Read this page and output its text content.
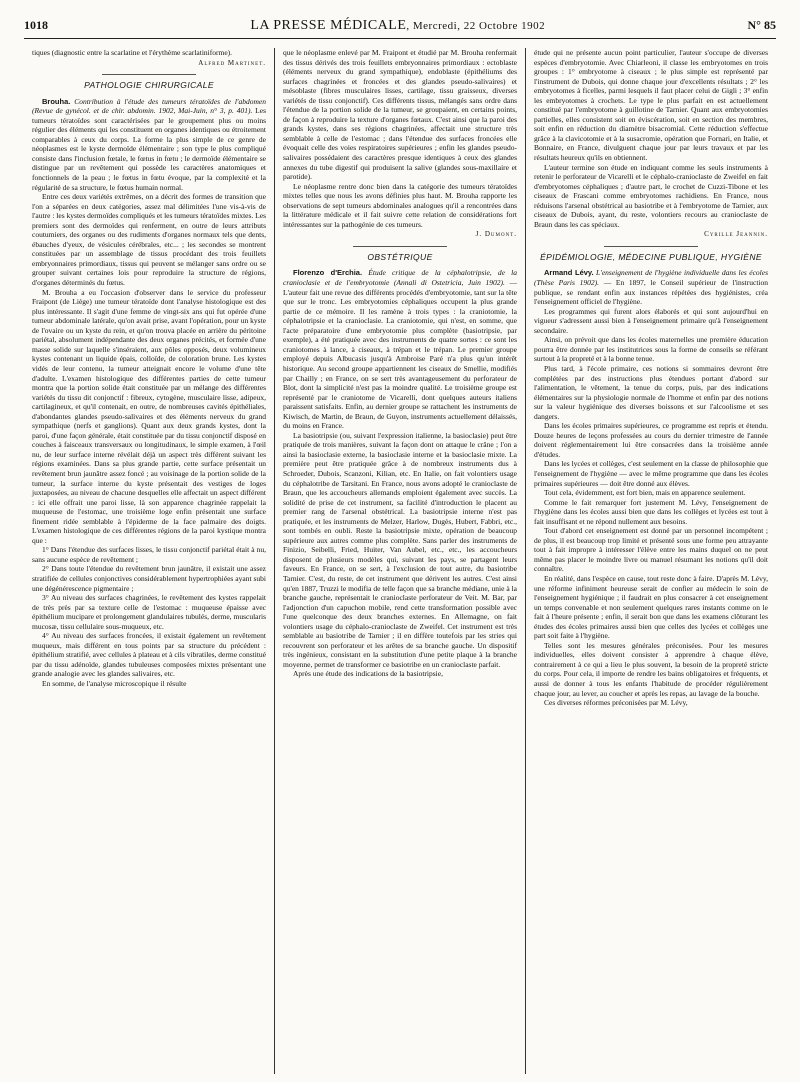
1018	LA PRESSE MÉDICALE, Mercredi, 22 Octobre 1902	N° 85

tiques (diagnostic entre la scarlatine et l'érythème scarlatiniforme).

Alfred Martinet.
PATHOLOGIE CHIRURGICALE

Brouha. Contribution à l'étude des tumeurs tératoïdes de l'abdomen (Revue de gynécol. et de chir. abdomin. 1902, Mai-Juin, n° 3, p. 401). Les tumeurs tératoïdes sont caractérisées par le groupement plus ou moins régulier des éléments qui les constituent en organes identiques ou étroitement comparables à ceux du corps. La forme la plus simple de ce genre de néoplasmes est le kyste dermoïde élémentaire ; son type le plus compliqué consiste dans l'inclusion fœtale, le fœtus in fœtu ; le dermoïde élémentaire se distingue par un revêtement qui possède les caractères anatomiques et fonctionnels de la peau ; le fœtus in fœtu évoque, par la complexité et la régularité de sa structure, le fœtus humain normal.

Entre ces deux variétés extrêmes, on a décrit des formes de transition que l'on a séparées en deux catégories, assez mal délimitées l'une vis-à-vis de l'autre : les kystes dermoïdes compliqués et les tumeurs tératoïdes mixtes. Les premiers sont des dermoïdes qui renferment, en outre de leurs attributs coutumiers, des organes ou des rudiments d'organes normaux tels que dents, ébauches d'yeux, de vésicules cérébrales, etc... ; les secondes se montrent constituées par un assemblage de tissus procédant des trois feuillets embryonnaires primordiaux, tissus qui peuvent se mélanger sans ordre ou se grouper suivant certaines lois pour reproduire la structure de régions, d'organes déterminés du fœtus.

M. Brouha a eu l'occasion d'observer dans le service du professeur Fraipont (de Liège) une tumeur tératoïde dont l'analyse histologique est des plus intéressante. Il s'agit d'une femme de vingt-six ans qui fut opérée d'une tumeur abdominale latérale, qu'on avait prise, avant l'opération, pour un kyste de l'ovaire ou un kyste du rein, et qu'on trouva placée en arrière du péritoine pariétal, absolument indépendante des deux organes précités, et formée d'une masse solide sur laquelle s'inséraient, aux pôles opposés, deux volumineux kystes contenant un liquide épais, colloïde, de coloration brune. Les kystes vidés de leur contenu, la tumeur atteignait encore le volume d'une tête d'adulte. L'examen histologique des différentes parties de cette tumeur montra que la portion solide était constituée par un mélange des différentes variétés du tissu dit conjonctif : fibreux, cytogène, musculaire lisse, adipeux, cartilagineux, et qu'il contenait, en outre, de nombreuses cavités épithéliales, d'abondantes glandes pseudo-salivaires et des éléments nerveux du grand sympathique (nerfs et ganglions). Quant aux deux grands kystes, dont la paroi, d'une façon générale, était constituée par du tissu conjonctif disposé en couches à faisceaux transversaux ou longitudinaux, le simple examen, à l'œil nu, de leur surface interne révélait déjà un aspect très différent suivant les régions examinées. Dans sa plus grande partie, cette surface présentait un revêtement brun jaunâtre assez foncé ; au voisinage de la portion solide de la tumeur, la surface interne du kyste présentait des vestiges de loges juxtaposées, au niveau de chacune desquelles elle affectait un aspect différent : ici elle offrait une paroi lisse, là son apparence chagrinée rappelait la muqueuse de l'estomac, une troisième loge enfin présentait une surface finement ridée semblable à l'épiderme de la face palmaire des doigts. L'examen histologique de ces différentes régions de la paroi kystique montra que :

1° Dans l'étendue des surfaces lisses, le tissu conjonctif pariétal était à nu, sans aucune espèce de revêtement ;

2° Dans toute l'étendue du revêtement brun jaunâtre, il existait une assez stratifiée de cellules conjonctives considérablement hypertrophiées ayant subi une dégénérescence pigmentaire ;

3° Au niveau des surfaces chagrinées, le revêtement des kystes rappelait de très près par sa texture celle de l'estomac : muqueuse épaisse avec épithélium mucipare et prolongement glandulaires tubulés, derme, muscularis mucosæ, tissu cellulaire sous-muqueux, etc.

4° Au niveau des surfaces froncées, il existait également un revêtement muqueux, mais différent en tous points par sa structure du précédent : épithélium stratifié, avec cellules à plateau et à cils vibratiles, derme constitué par du tissu adénoïde, glandes tubuleuses composées mixtes présentant une grande analogie avec les glandes salivaires, etc.

En somme, de l'analyse microscopique il résulte

que le néoplasme enlevé par M. Fraipont et étudié par M. Brouha renfermait des tissus dérivés des trois feuillets embryonnaires primordiaux : ectoblaste (éléments nerveux du grand sympathique), endoblaste (épithéliums des surfaces chagrinées et froncées et des glandes pseudo-salivaires) et mésoblaste (fibres musculaires lisses, cartilage, tissu graisseux, diverses variétés de tissu conjonctif). Ces différents tissus, mélangés sans ordre dans l'étendue de la portion solide de la tumeur, se groupaient, en certains points, de façon à reproduire la texture d'organes fœtaux. C'est ainsi que la paroi des grands kystes, dans ses régions chagrinées, affectait une structure très semblable à celle de l'estomac ; dans l'étendue des surfaces froncées elle évoquait celle des voies respiratoires supérieures ; enfin les glandes pseudo-salivaires possédaient des caractères presque identiques à ceux des glandes annexes du tube digestif qui produisent la salive (glandes sous-maxillaire et parotide).

Le néoplasme rentre donc bien dans la catégorie des tumeurs tératoïdes mixtes telles que nous les avons définies plus haut. M. Brouha rapporte les observations de sept tumeurs abdominales analogues qu'il a rencontrées dans la littérature médicale et il fait suivre cette relation de considérations fort intéressantes sur la pathogénie de ces tumeurs.

J. Dumont.
OBSTÉTRIQUE

Florenzo d'Erchia. Étude critique de la céphalotripsie, de la cranioclasie et de l'embryotomie (Annali di Ostetricia, Juin 1902). — L'auteur fait une revue des différents procédés d'embryotomie, tant sur la tête que sur le tronc. Les embryotomies céphaliques occupent la plus grande partie de ce mémoire. Il les ramène à trois types : la craniotomie, la céphalotripsie et la cranioclasie. La craniotomie, qui n'est, en somme, que l'acte préparatoire d'une embryotomie plus complète (basiotripsie, par exemple), a été pratiquée avec des instruments de quatre sortes : ce sont les craniotomes à lance, à ciseaux, à trépan et le trépan. Le premier groupe employé depuis Albucasis jusqu'à Ambroise Paré n'a plus qu'un intérêt historique. Au second groupe appartiennent les ciseaux de Smellie, modifiés par Chailly ; en France, on se sert très avantageusement du perforateur de Blot, dont la simplicité n'est pas la moindre qualité. Le troisième groupe est représenté par le craniotome de Vicarelli, dont quelques auteurs italiens paraissent satisfaits. Enfin, au dernier groupe se rattachent les instruments de Kiwisch, de Martin, de Braun, de Guyon, instruments actuellement délaissés, du moins en France.

La basiotripsie (ou, suivant l'expression italienne, la basioclasie) peut être pratiquée de trois manières, suivant la façon dont on attaque le crâne ; l'on a ainsi la basioclasie externe, la basioclasie interne et la basioclasie mixte. La première peut être pratiquée grâce à de nombreux instruments dus à Schroeder, Dubois, Scanzoni, Kilian, etc. En Italie, on fait volontiers usage du céphalotribe de Tarsitani. En France, nous avons adopté le cranioclaste de Braun, que les accoucheurs allemands emploient également avec succès. La solidité de prise de cet instrument, sa facilité d'introduction le placent au premier rang de l'arsenal obstétrical. La basiotripsie interne n'est pas pratiquée, et les instruments de Melzer, Harlow, Dugès, Hubert, Fabbri, etc., sont tombés en oubli. Reste la basiotripsie mixte, opération de beaucoup supérieure aux autres comme plus complète. Sans parler des instruments de Finizio, Seibelli, Fried, Huiter, Van Aubel, etc., etc., les accoucheurs disposent de plusieurs modèles qui, suivant les pays, se partagent leurs faveurs. En France, on se sert, à l'exclusion de tout autre, du basiotribe Tarnier. C'est, du reste, de cet instrument que dérivent les autres. C'est ainsi qu'en 1887, Truzzi le modifia de telle façon que sa branche médiane, unie à la branche gauche, représentait le cranioclaste perforateur de Veit. M. Bar, par l'adjonction d'un capuchon mobile, rend cette transformation possible avec l'une quelconque des deux branches externes. En Allemagne, on fait volontiers usage du céphalo-cranioclaste de Zweifel. Cet instrument est très semblable au basiotribe de Tarnier ; il en diffère toutefois par les stries qui recouvrent son perforateur et les arêtes de sa branche gauche. Un dispositif très ingénieux, consistant en la substitution d'une petite plaque à la branche moyenne, permet de transformer ce basiotribe en un cranioclaste parfait.

Après une étude des indications de la basiotripsie,

étude qui ne présente aucun point particulier, l'auteur s'occupe de diverses espèces d'embryotomie. Avec Chiarleoni, il classe les embryotomes en trois groupes : 1° embryotome à ciseaux ; le plus simple est représenté par l'instrument de Dubois, qui donne chaque jour d'excellents résultats ; 2° les embryotomes à ficelles, parmi lesquels il faut placer celui de Gigli ; 3° enfin les embryotomes à crochets. Le type le plus parfait en est actuellement constitué par l'embryotome à guillotine de Tarnier. Quant aux embryotomies partielles, elles consistent soit en éviscération, soit en section des membres, soit enfin en réduction du diamètre bisacromial. Cette réduction s'effectue grâce à la clavicotomie et à la susacromie, opération que Fornari, en Italie, et Bonnaire, en France, divulguent chaque jour par leurs travaux et par les résultats heureux qu'ils en obtiennent.

L'auteur termine son étude en indiquant comme les seuls instruments à retenir le perforateur de Vicarelli et le céphalo-cranioclaste de Zweifel en fait d'embryotomes céphaliques ; d'autre part, le crochet de Cuzzi-Tibone et les ciseaux de Frascani comme embryotomes rachidiens. En France, nous réduisons l'arsenal obstétrical au basiotribe et à l'embryotome de Tarnier, aux ciseaux de Dubois, ayant, du reste, volontiers recours au cranioclaste de Braun dans les cas spéciaux.

Cyrille Jeannin.
ÉPIDÉMIOLOGIE, MÉDECINE PUBLIQUE, HYGIÈNE

Armand Lévy. L'enseignement de l'hygiène individuelle dans les écoles (Thèse Paris 1902). — En 1897, le Conseil supérieur de l'instruction publique, se rendant enfin aux instances répétées des hygiénistes, créa l'enseignement officiel de l'hygiène.

Les programmes qui furent alors élaborés et qui sont aujourd'hui en vigueur s'adressent aussi bien à l'enseignement primaire qu'à l'enseignement secondaire.

Ainsi, on prévoit que dans les écoles maternelles une première éducation pourra être donnée par les institutrices sous la forme de conseils se référant surtout à la propreté et à la bonne tenue.

Plus tard, à l'école primaire, ces notions si sommaires devront être complétées par des instructions plus étendues portant d'abord sur l'alimentation, le vêtement, la tenue du corps, puis, par des indications élémentaires sur la physiologie normale de l'homme et enfin par des notions sur la valeur hygiénique des diverses boissons et sur l'alcoolisme et ses dangers.

Dans les écoles primaires supérieures, ce programme est repris et étendu. Douze heures de leçons professées au cours du dernier trimestre de l'année doivent réglementairement lui être consacrées dans la troisième année d'études.

Dans les lycées et collèges, c'est seulement en la classe de philosophie que l'enseignement de l'hygiène — avec le même programme que dans les écoles primaires supérieures — doit être donné aux élèves.

Tout cela, évidemment, est fort bien, mais en apparence seulement.

Comme le fait remarquer fort justement M. Lévy, l'enseignement de l'hygiène dans les écoles aussi bien que dans les collèges et lycées est tout à fait insuffisant et ne répond nullement aux besoins.

Tout d'abord cet enseignement est donné par un personnel incompétent ; de plus, il est beaucoup trop limité et présenté sous une forme peu attrayante tout à fait impropre à intéresser l'élève entre les mains duquel on ne peut même pas placer le moindre livre ou manuel résumant les notions qu'il doit connaître.

En réalité, dans l'espèce en cause, tout reste donc à faire. D'après M. Lévy, une réforme infiniment heureuse serait de confier au médecin le soin de l'enseignement hygiénique ; il faudrait en plus consacrer à cet enseignement un temps convenable et non seulement quelques rares instants comme on le fait à l'heure présente ; enfin, il serait bon que dans les examens clôturant les études des écoles primaires aussi bien que celles des lycées et collèges une part soit faite à l'hygiène.

Telles sont les mesures générales préconisées. Pour les mesures individuelles, elles doivent consister à apprendre à chaque élève, contrairement à ce qui a lieu le plus souvent, la besoin de la propreté stricte du corps. Pour cela, il importe de rendre les bains obligatoires et fréquents, et aussi de donner à tous les enfants l'habitude de procéder régulièrement chaque jour, au lever, au coucher et après les repas, au lavage de la bouche.

Ces diverses réformes préconisées par M. Lévy,
